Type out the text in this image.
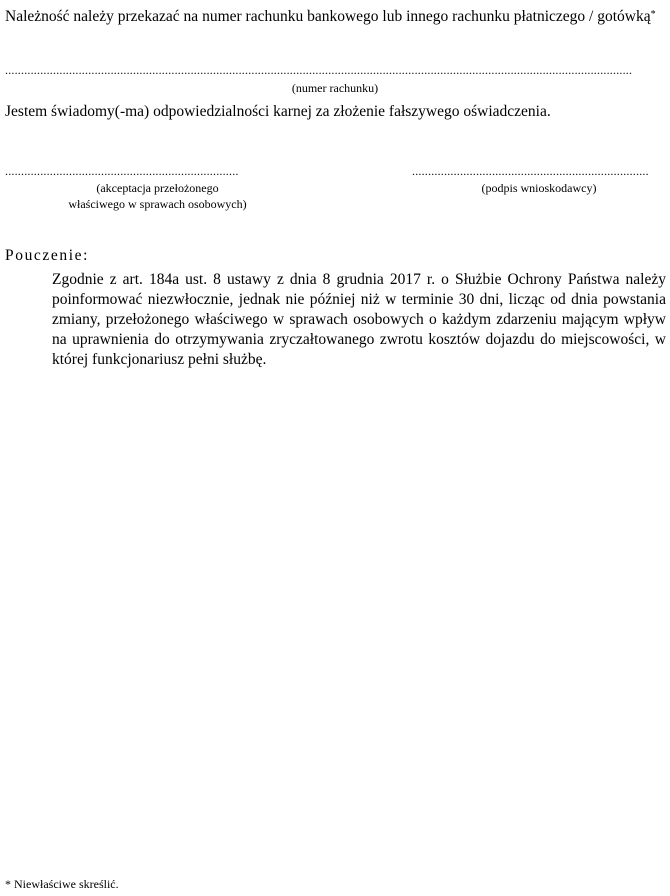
Należność należy przekazać na numer rachunku bankowego lub innego rachunku płatniczego / gotówką*

....................................................................................................................................................................................................

(numer rachunku)

Jestem świadomy(-ma) odpowiedzialności karnej za złożenie fałszywego oświadczenia.

.........................................................................
(akceptacja przełożonego
właściwego w sprawach osobowych)
..........................................................................

(podpis wnioskodawcy)

Pouczenie:

Zgodnie z art. 184a ust. 8 ustawy z dnia 8 grudnia 2017 r. o Służbie Ochrony Państwa należy poinformować niezwłocznie, jednak nie później niż w terminie 30 dni, licząc od dnia powstania zmiany, przełożonego właściwego w sprawach osobowych o każdym zdarzeniu mającym wpływ na uprawnienia do otrzymywania zryczałtowanego zwrotu kosztów dojazdu do miejscowości, w której funkcjonariusz pełni służbę.

* Niewłaściwe skreślić.
